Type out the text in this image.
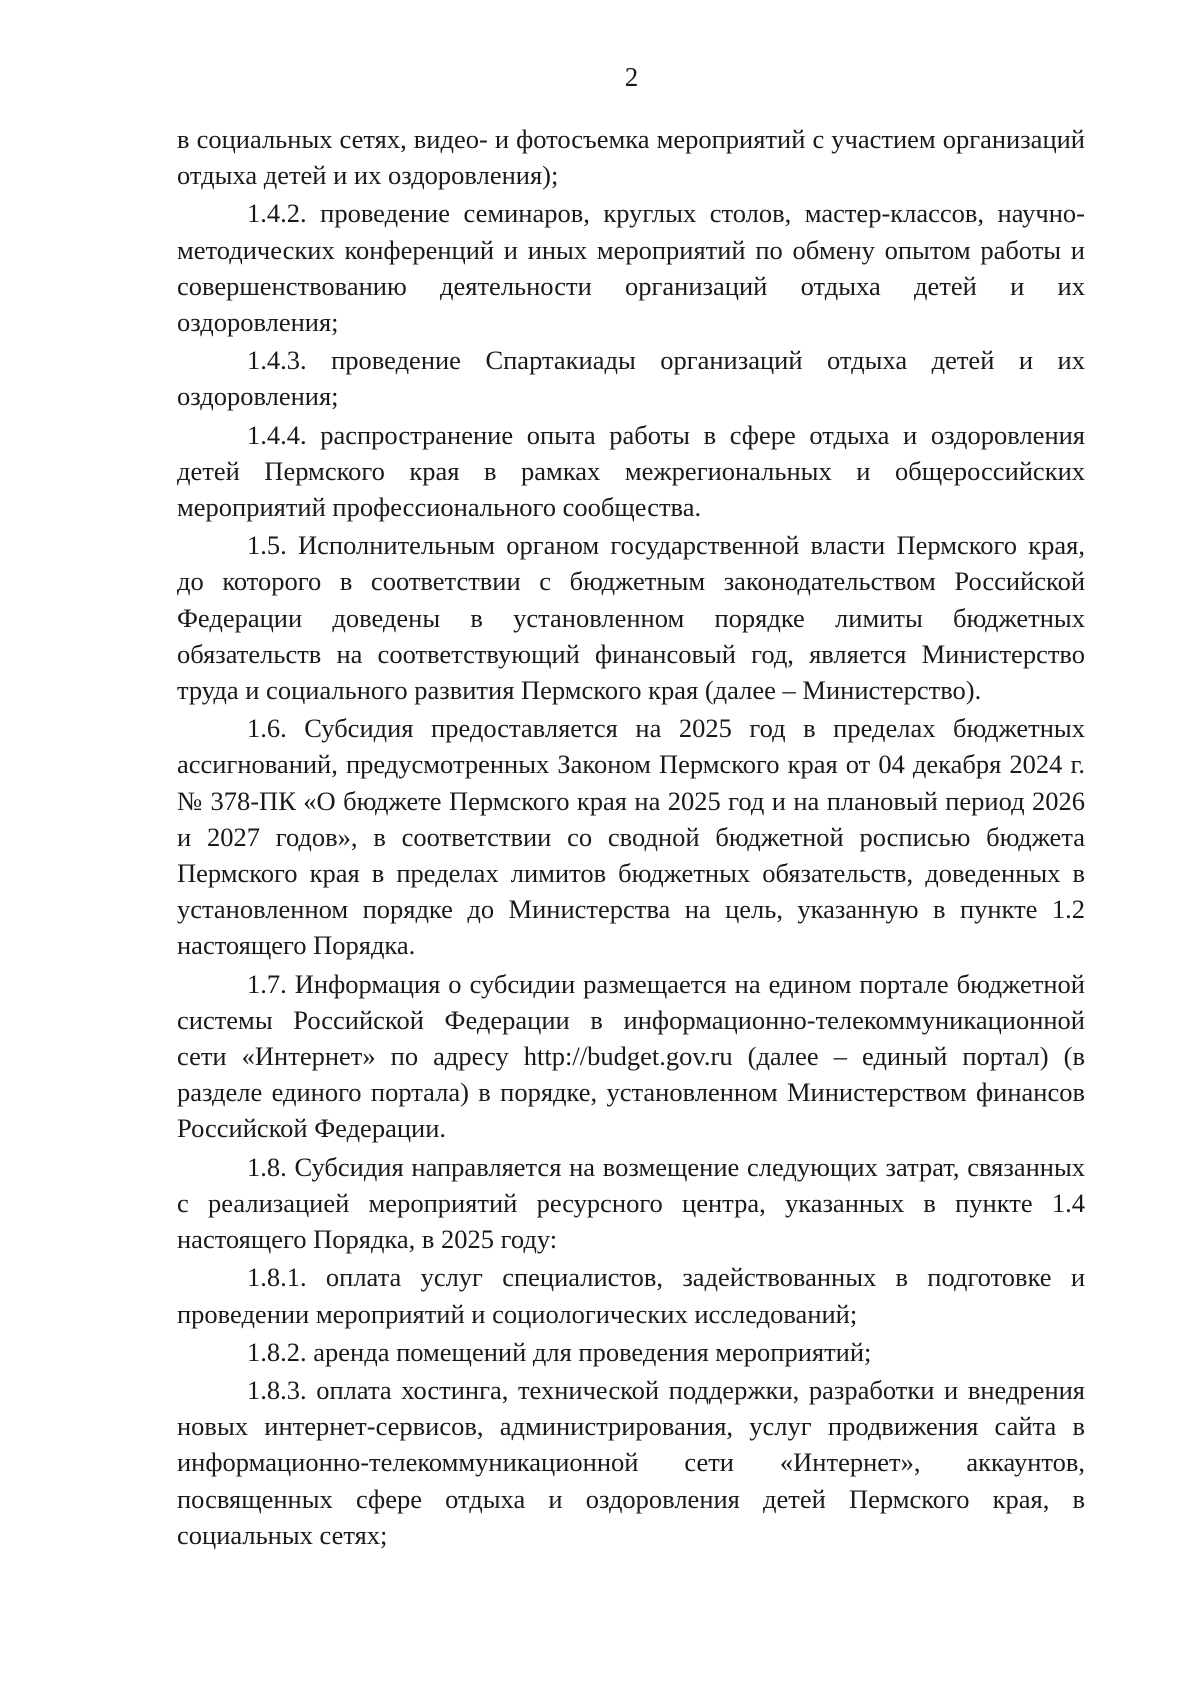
2

в социальных сетях, видео- и фотосъемка мероприятий с участием организаций отдыха детей и их оздоровления);

1.4.2. проведение семинаров, круглых столов, мастер-классов, научно-методических конференций и иных мероприятий по обмену опытом работы и совершенствованию деятельности организаций отдыха детей и их оздоровления;

1.4.3. проведение Спартакиады организаций отдыха детей и их оздоровления;

1.4.4. распространение опыта работы в сфере отдыха и оздоровления детей Пермского края в рамках межрегиональных и общероссийских мероприятий профессионального сообщества.

1.5. Исполнительным органом государственной власти Пермского края, до которого в соответствии с бюджетным законодательством Российской Федерации доведены в установленном порядке лимиты бюджетных обязательств на соответствующий финансовый год, является Министерство труда и социального развития Пермского края (далее – Министерство).

1.6. Субсидия предоставляется на 2025 год в пределах бюджетных ассигнований, предусмотренных Законом Пермского края от 04 декабря 2024 г. № 378-ПК «О бюджете Пермского края на 2025 год и на плановый период 2026 и 2027 годов», в соответствии со сводной бюджетной росписью бюджета Пермского края в пределах лимитов бюджетных обязательств, доведенных в установленном порядке до Министерства на цель, указанную в пункте 1.2 настоящего Порядка.

1.7. Информация о субсидии размещается на едином портале бюджетной системы Российской Федерации в информационно-телекоммуникационной сети «Интернет» по адресу http://budget.gov.ru (далее – единый портал) (в разделе единого портала) в порядке, установленном Министерством финансов Российской Федерации.

1.8. Субсидия направляется на возмещение следующих затрат, связанных с реализацией мероприятий ресурсного центра, указанных в пункте 1.4 настоящего Порядка, в 2025 году:

1.8.1. оплата услуг специалистов, задействованных в подготовке и проведении мероприятий и социологических исследований;

1.8.2. аренда помещений для проведения мероприятий;

1.8.3. оплата хостинга, технической поддержки, разработки и внедрения новых интернет-сервисов, администрирования, услуг продвижения сайта в информационно-телекоммуникационной сети «Интернет», аккаунтов, посвященных сфере отдыха и оздоровления детей Пермского края, в социальных сетях;
